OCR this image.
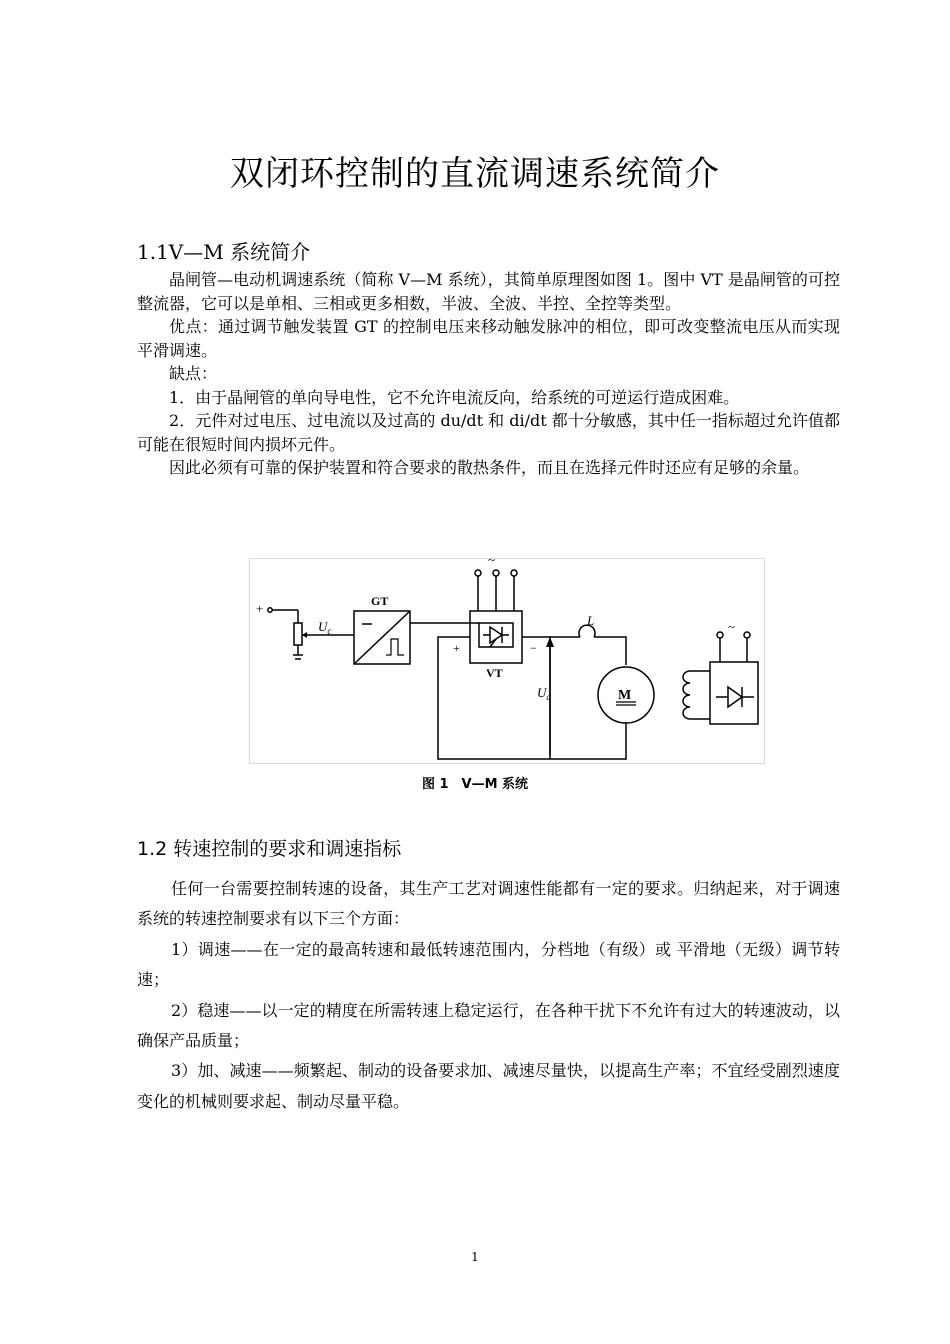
双闭环控制的直流调速系统简介
1.1V—M 系统简介

晶闸管—电动机调速系统（简称 V—M 系统），其简单原理图如图 1。图中 VT 是晶闸管的可控整流器，它可以是单相、三相或更多相数，半波、全波、半控、全控等类型。

优点：通过调节触发装置 GT 的控制电压来移动触发脉冲的相位，即可改变整流电压从而实现平滑调速。

缺点：

1．由于晶闸管的单向导电性，它不允许电流反向，给系统的可逆运行造成困难。

2．元件对过电压、过电流以及过高的 du/dt 和 di/dt 都十分敏感，其中任一指标超过允许值都可能在很短时间内损坏元件。

因此必须有可靠的保护装置和符合要求的散热条件，而且在选择元件时还应有足够的余量。

+
$U_c$
GT
VT
~
+	−
$U_d$
L
M
~
图 1　V—M 系统
1.2 转速控制的要求和调速指标

任何一台需要控制转速的设备，其生产工艺对调速性能都有一定的要求。归纳起来，对于调速系统的转速控制要求有以下三个方面：

1）调速——在一定的最高转速和最低转速范围内，分档地（有级）或 平滑地（无级）调节转速；

2）稳速——以一定的精度在所需转速上稳定运行，在各种干扰下不允许有过大的转速波动，以确保产品质量；

3）加、减速——频繁起、制动的设备要求加、减速尽量快，以提高生产率；不宜经受剧烈速度变化的机械则要求起、制动尽量平稳。

1
